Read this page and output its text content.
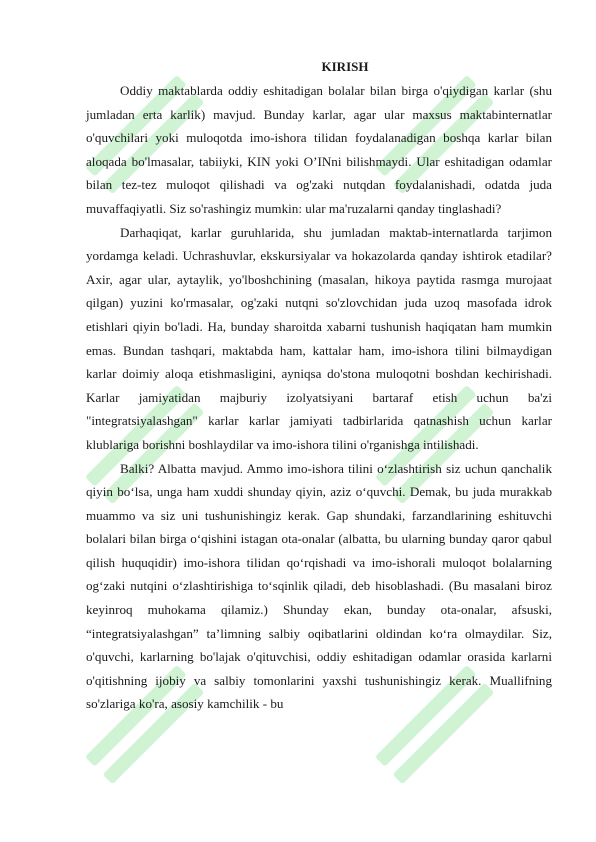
KIRISH

Oddiy maktablarda oddiy eshitadigan bolalar bilan birga o'qiydigan karlar (shu jumladan erta karlik) mavjud. Bunday karlar, agar ular maxsus maktabinternatlar o'quvchilari yoki muloqotda imo-ishora tilidan foydalanadigan boshqa karlar bilan aloqada bo'lmasalar, tabiiyki, KIN yoki O’INni bilishmaydi. Ular eshitadigan odamlar bilan tez-tez muloqot qilishadi va og'zaki nutqdan foydalanishadi, odatda juda muvaffaqiyatli. Siz so'rashingiz mumkin: ular ma'ruzalarni qanday tinglashadi?

Darhaqiqat, karlar guruhlarida, shu jumladan maktab-internatlarda tarjimon yordamga keladi. Uchrashuvlar, ekskursiyalar va hokazolarda qanday ishtirok etadilar? Axir, agar ular, aytaylik, yo'lboshchining (masalan, hikoya paytida rasmga murojaat qilgan) yuzini ko'rmasalar, og'zaki nutqni so'zlovchidan juda uzoq masofada idrok etishlari qiyin bo'ladi. Ha, bunday sharoitda xabarni tushunish haqiqatan ham mumkin emas. Bundan tashqari, maktabda ham, kattalar ham, imo-ishora tilini bilmaydigan karlar doimiy aloqa etishmasligini, ayniqsa do'stona muloqotni boshdan kechirishadi. Karlar jamiyatidan majburiy izolyatsiyani bartaraf etish uchun ba'zi "integratsiyalashgan" karlar karlar jamiyati tadbirlarida qatnashish uchun karlar klublariga borishni boshlaydilar va imo-ishora tilini o'rganishga intilishadi.

Balki? Albatta mavjud. Ammo imo-ishora tilini o‘zlashtirish siz uchun qanchalik qiyin bo‘lsa, unga ham xuddi shunday qiyin, aziz o‘quvchi. Demak, bu juda murakkab muammo va siz uni tushunishingiz kerak. Gap shundaki, farzandlarining eshituvchi bolalari bilan birga o‘qishini istagan ota-onalar (albatta, bu ularning bunday qaror qabul qilish huquqidir) imo-ishora tilidan qo‘rqishadi va imo-ishorali muloqot bolalarning og‘zaki nutqini o‘zlashtirishiga to‘sqinlik qiladi, deb hisoblashadi. (Bu masalani biroz keyinroq muhokama qilamiz.) Shunday ekan, bunday ota-onalar, afsuski, “integratsiyalashgan” ta’limning salbiy oqibatlarini oldindan ko‘ra olmaydilar. Siz, o'quvchi, karlarning bo'lajak o'qituvchisi, oddiy eshitadigan odamlar orasida karlarni o'qitishning ijobiy va salbiy tomonlarini yaxshi tushunishingiz kerak. Muallifning so'zlariga ko'ra, asosiy kamchilik - bu
